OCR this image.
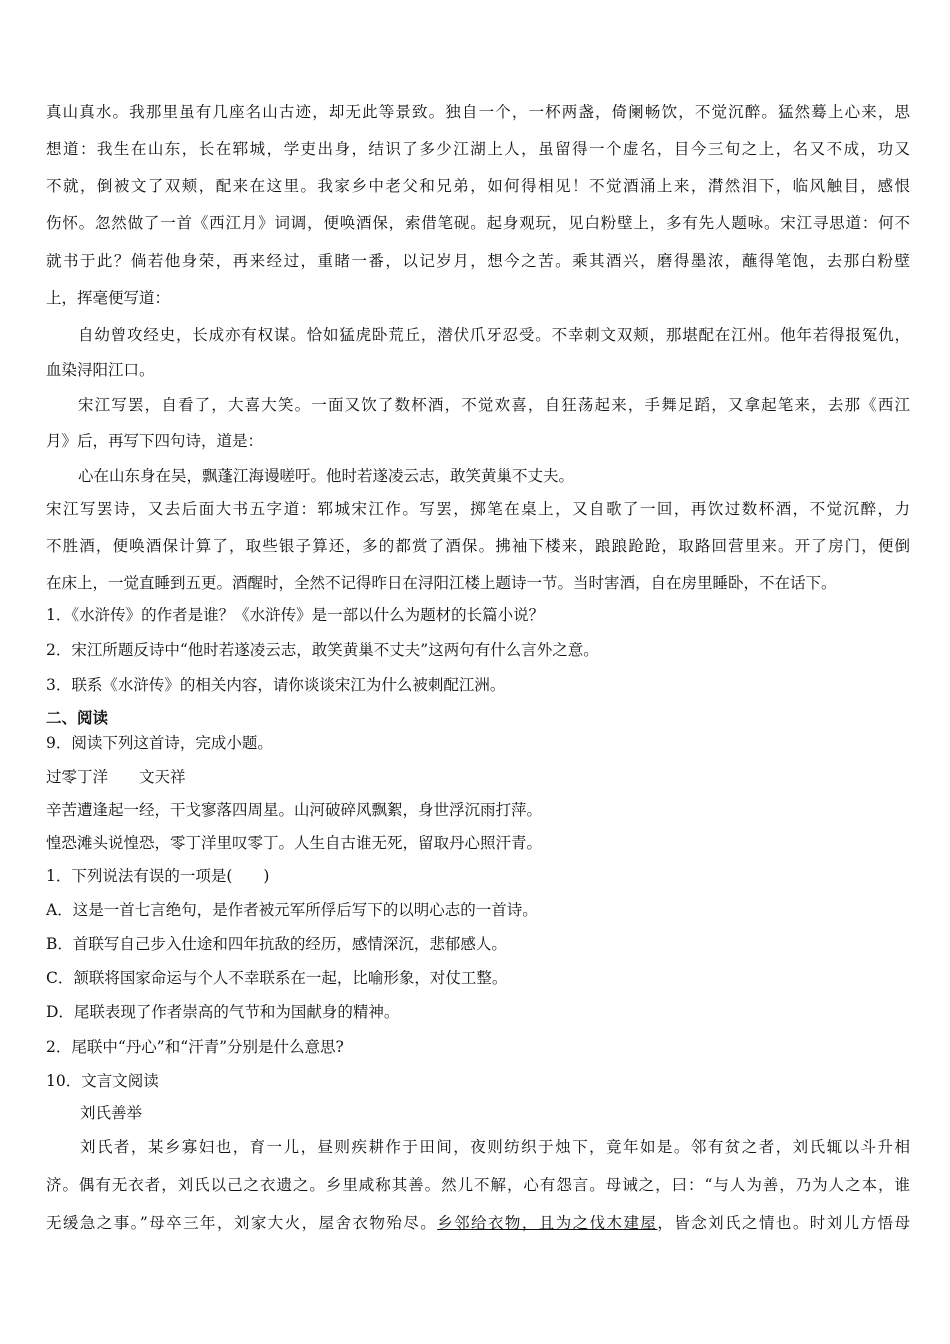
真山真水。我那里虽有几座名山古迹，却无此等景致。独自一个，一杯两盏，倚阑畅饮，不觉沉醉。猛然蓦上心来，思
想道：我生在山东，长在郓城，学吏出身，结识了多少江湖上人，虽留得一个虚名，目今三旬之上，名又不成，功又
不就，倒被文了双颊，配来在这里。我家乡中老父和兄弟，如何得相见！不觉酒涌上来，潸然泪下，临风触目，感恨
伤怀。忽然做了一首《西江月》词调，便唤酒保，索借笔砚。起身观玩，见白粉壁上，多有先人题咏。宋江寻思道：何不
就书于此？倘若他身荣，再来经过，重睹一番，以记岁月，想今之苦。乘其酒兴，磨得墨浓，蘸得笔饱，去那白粉壁
上，挥毫便写道：
自幼曾攻经史，长成亦有权谋。恰如猛虎卧荒丘，潜伏爪牙忍受。不幸刺文双颊，那堪配在江州。他年若得报冤仇，
血染浔阳江口。
宋江写罢，自看了，大喜大笑。一面又饮了数杯酒，不觉欢喜，自狂荡起来，手舞足蹈，又拿起笔来，去那《西江
月》后，再写下四句诗，道是：
心在山东身在吴，飘蓬江海谩嗟吁。他时若遂凌云志，敢笑黄巢不丈夫。
宋江写罢诗，又去后面大书五字道：郓城宋江作。写罢，掷笔在桌上，又自歌了一回，再饮过数杯酒，不觉沉醉，力
不胜酒，便唤酒保计算了，取些银子算还，多的都赏了酒保。拂袖下楼来，踉踉跄跄，取路回营里来。开了房门，便倒
在床上，一觉直睡到五更。酒醒时，全然不记得昨日在浔阳江楼上题诗一节。当时害酒，自在房里睡卧，不在话下。
1．《水浒传》的作者是谁？《水浒传》是一部以什么为题材的长篇小说？
2．宋江所题反诗中“他时若遂凌云志，敢笑黄巢不丈夫”这两句有什么言外之意。
3．联系《水浒传》的相关内容，请你谈谈宋江为什么被刺配江洲。
二、阅读
9．阅读下列这首诗，完成小题。
过零丁洋　　文天祥
辛苦遭逢起一经，干戈寥落四周星。山河破碎风飘絮，身世浮沉雨打萍。
惶恐滩头说惶恐，零丁洋里叹零丁。人生自古谁无死，留取丹心照汗青。
1．下列说法有误的一项是(　　)
A．这是一首七言绝句，是作者被元军所俘后写下的以明心志的一首诗。
B．首联写自己步入仕途和四年抗敌的经历，感情深沉，悲郁感人。
C．颔联将国家命运与个人不幸联系在一起，比喻形象，对仗工整。
D．尾联表现了作者崇高的气节和为国献身的精神。
2．尾联中“丹心”和“汗青”分别是什么意思?
10．文言文阅读
刘氏善举
刘氏者，某乡寡妇也，育一儿，昼则疾耕作于田间，夜则纺织于烛下，竟年如是。邻有贫之者，刘氏辄以斗升相
济。偶有无衣者，刘氏以己之衣遗之。乡里咸称其善。然儿不解，心有怨言。母诫之，曰：“与人为善，乃为人之本，谁
无缓急之事。”母卒三年，刘家大火，屋舍衣物殆尽。乡邻给衣物，且为之伐木建屋，皆念刘氏之情也。时刘儿方悟母
